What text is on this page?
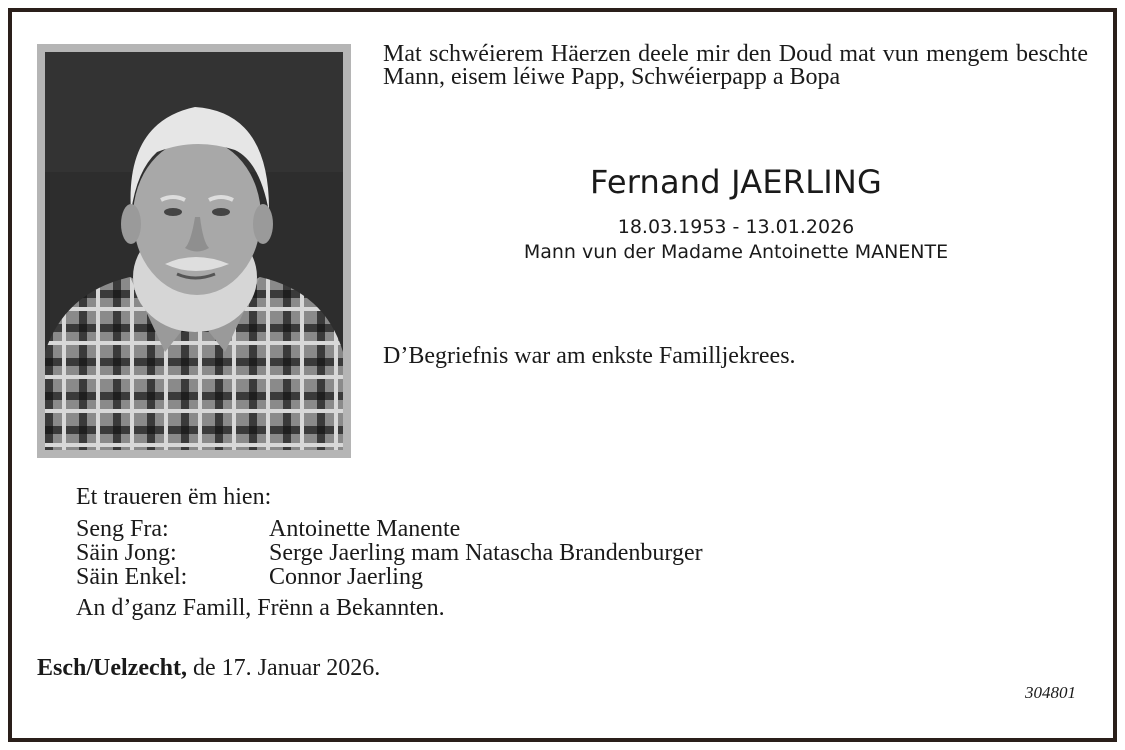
Mat schwéierem Häerzen deele mir den Doud mat vun mengem beschte Mann, eisem léiwe Papp, Schwéierpapp a Bopa
Fernand JAERLING
18.03.1953 - 13.01.2026
Mann vun der Madame Antoinette MANENTE
D’Begriefnis war am enkste Familljekrees.
Et traueren ëm hien:
Seng Fra:	Antoinette Manente
Säin Jong:	Serge Jaerling mam Natascha Brandenburger
Säin Enkel:	Connor Jaerling
An d’ganz Famill, Frënn a Bekannten.
Esch/Uelzecht, de 17. Januar 2026.
304801
